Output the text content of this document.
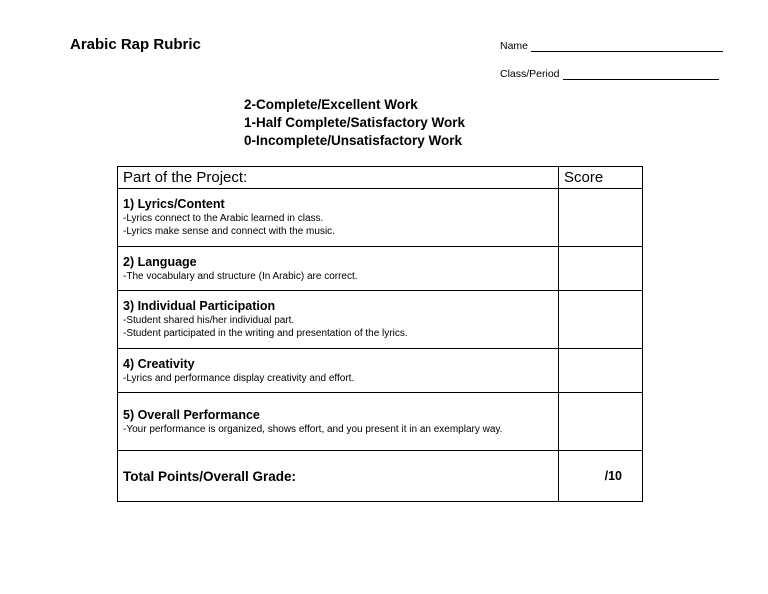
Arabic Rap Rubric	Name
Class/Period
2-Complete/Excellent Work
1-Half Complete/Satisfactory Work
0-Incomplete/Unsatisfactory Work
Part of the Project:	Score

1) Lyrics/Content
-Lyrics connect to the Arabic learned in class.
-Lyrics make sense and connect with the music.	

2) Language
-The vocabulary and structure (In Arabic) are correct.	

3) Individual Participation
-Student shared his/her individual part.
-Student participated in the writing and presentation of the lyrics.	

4) Creativity
-Lyrics and performance display creativity and effort.	

5) Overall Performance
-Your performance is organized, shows effort, and you present it in an exemplary way.	

Total Points/Overall Grade:	/10
